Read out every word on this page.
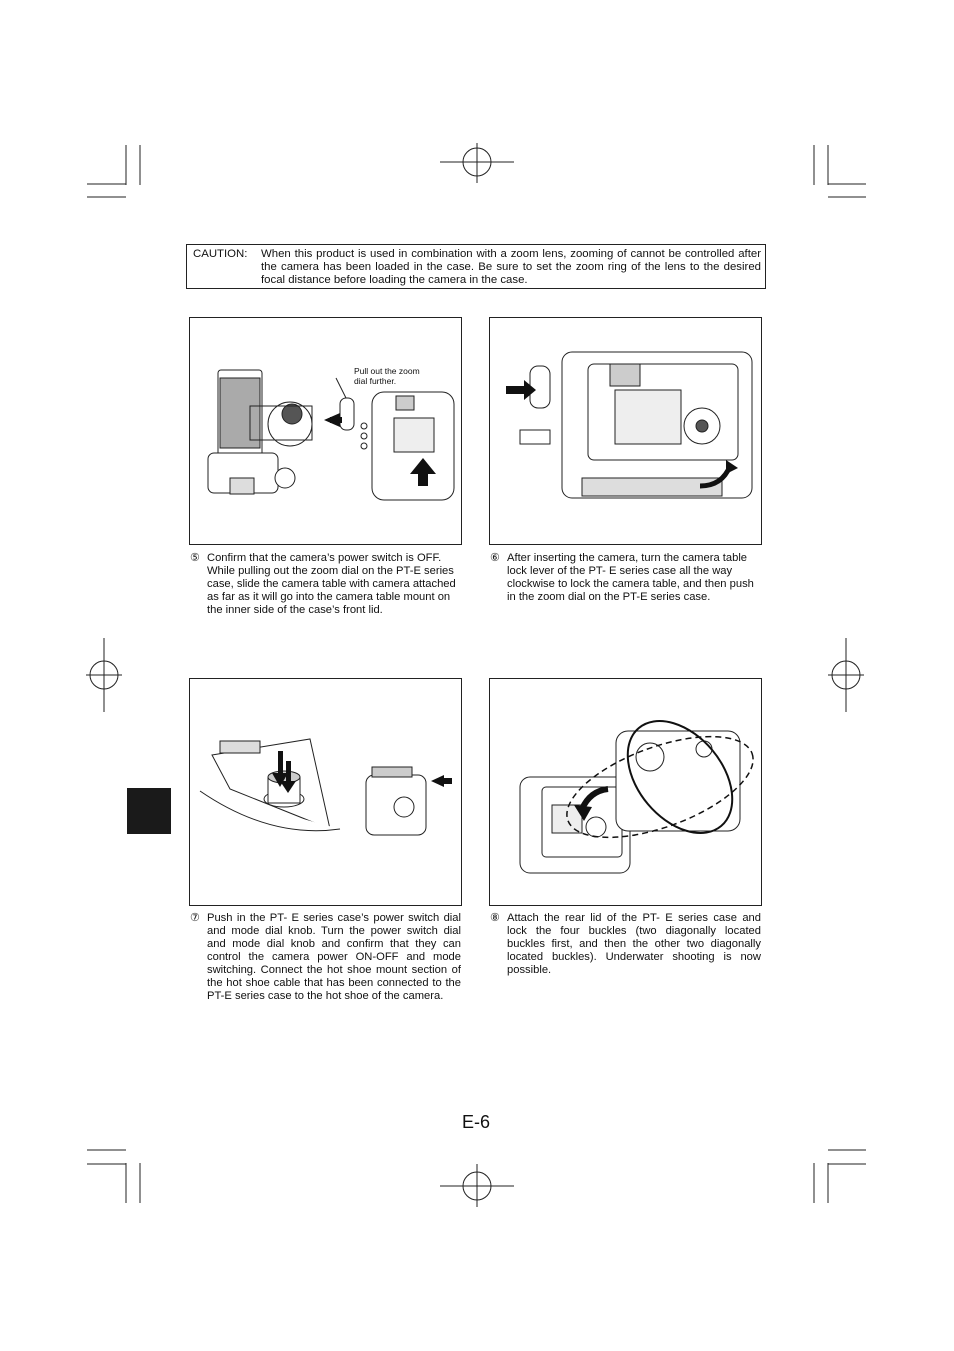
CAUTION: When this product is used in combination with a zoom lens, zooming of cannot be controlled after the camera has been loaded in the case. Be sure to set the zoom ring of the lens to the desired focal distance before loading the camera in the case.
Pull out the zoom dial further.
⑤ Confirm that the camera’s power switch is OFF. While pulling out the zoom dial on the PT-E series case, slide the camera table with camera attached as far as it will go into the camera table mount on the inner side of the case’s front lid.
⑥ After inserting the camera, turn the camera table lock lever of the PT- E series case all the way clockwise to lock the camera table, and then push in the zoom dial on the PT-E series case.
⑦ Push in the PT- E series case’s power switch dial and mode dial knob. Turn the power switch dial and mode dial knob and confirm that they can control the camera power ON-OFF and mode switching. Connect the hot shoe mount section of the hot shoe cable that has been connected to the PT-E series case to the hot shoe of the camera.
⑧ Attach the rear lid of the PT- E series case and lock the four buckles (two diagonally located buckles first, and then the other two diagonally located buckles). Underwater shooting is now possible.
E-6
